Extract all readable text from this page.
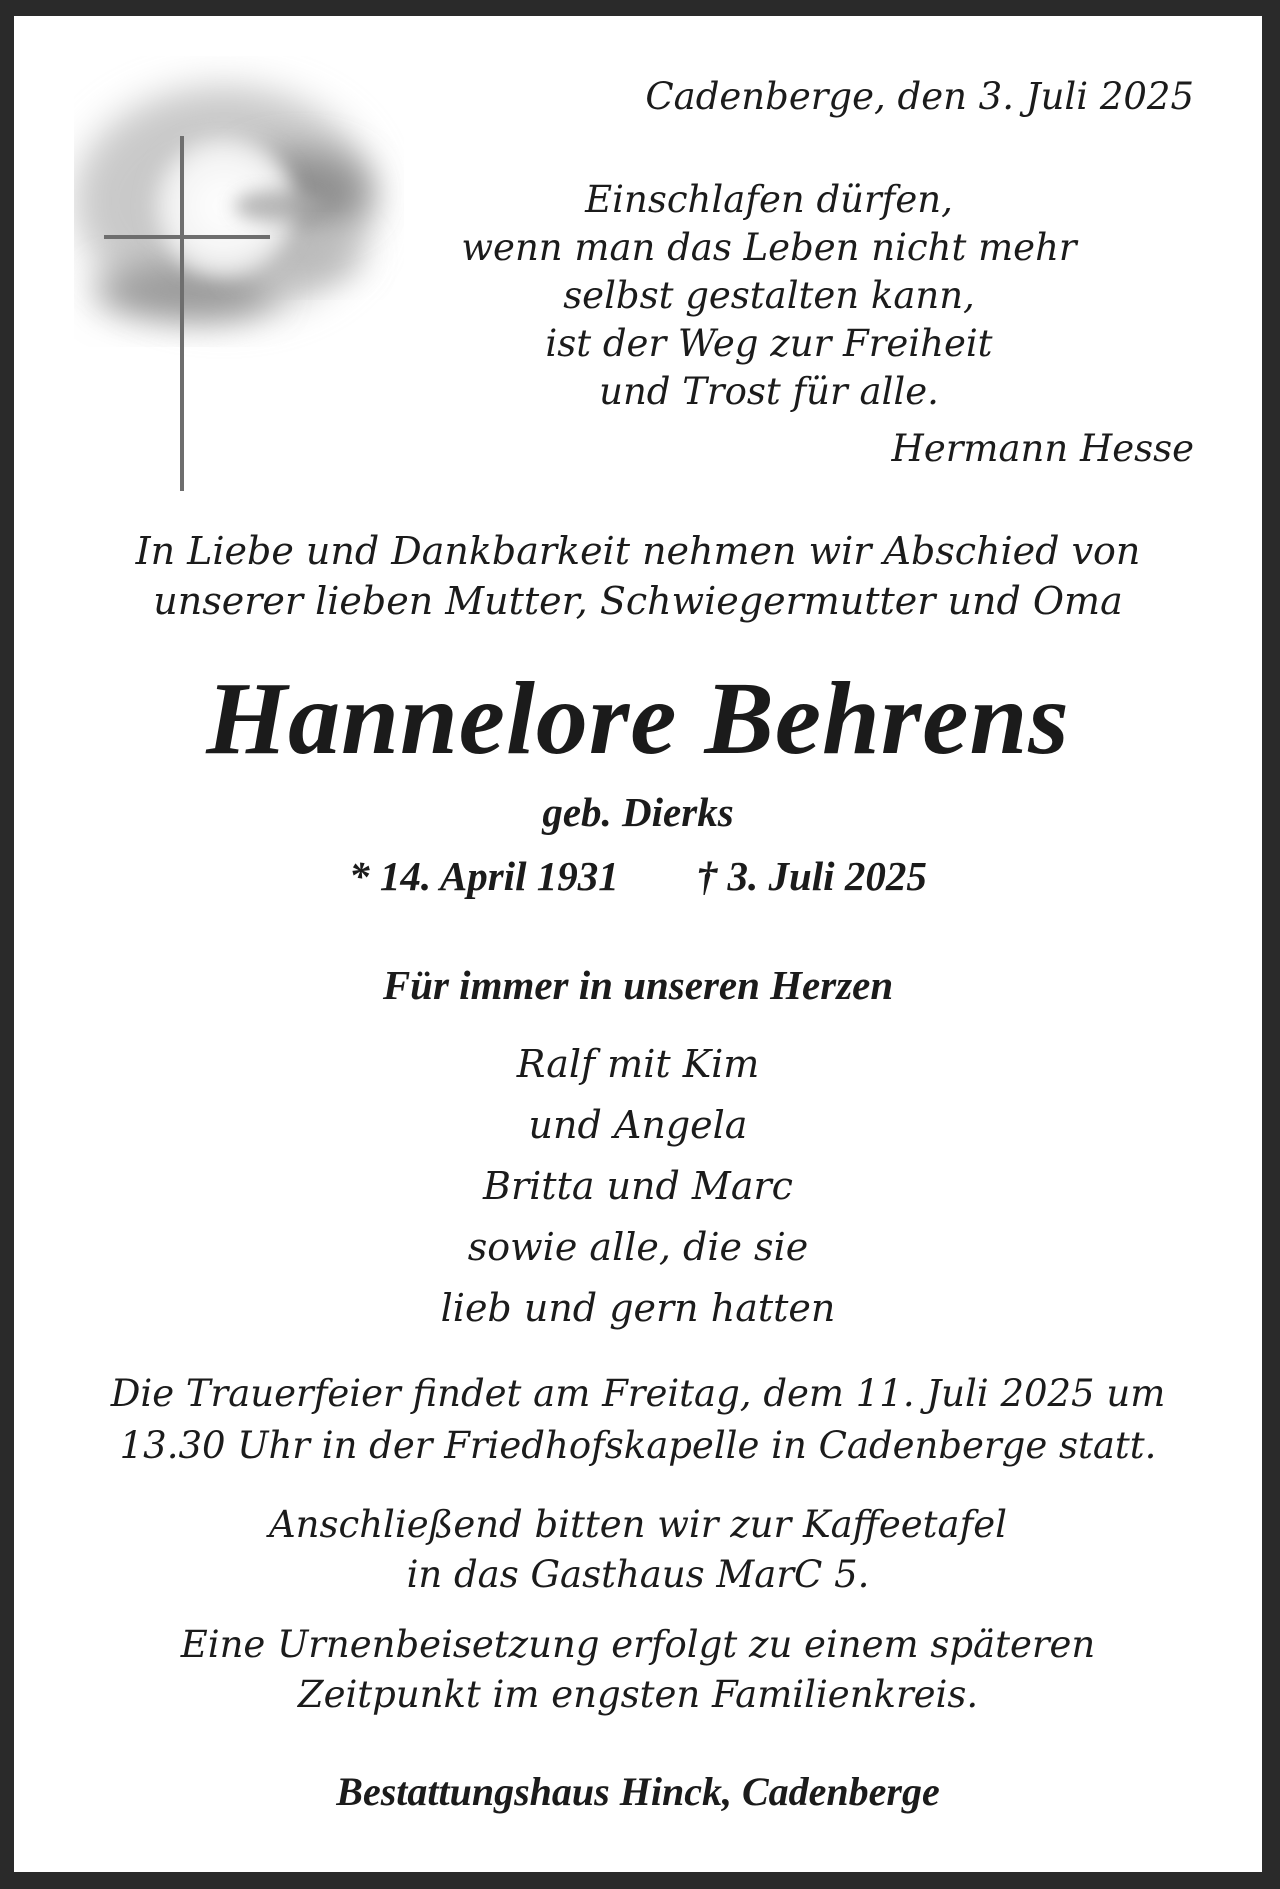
Cadenberge, den 3. Juli 2025

Einschlafen dürfen,
wenn man das Leben nicht mehr
selbst gestalten kann,
ist der Weg zur Freiheit
und Trost für alle.

Hermann Hesse

In Liebe und Dankbarkeit nehmen wir Abschied von
unserer lieben Mutter, Schwiegermutter und Oma
Hannelore Behrens

geb. Dierks

* 14. April 1931 † 3. Juli 2025

Für immer in unseren Herzen

Ralf mit Kim
und Angela
Britta und Marc
sowie alle, die sie
lieb und gern hatten
Die Trauerfeier findet am Freitag, dem 11. Juli 2025 um
13.30 Uhr in der Friedhofskapelle in Cadenberge statt.
Anschließend bitten wir zur Kaffeetafel
in das Gasthaus MarC 5.
Eine Urnenbeisetzung erfolgt zu einem späteren
Zeitpunkt im engsten Familienkreis.

Bestattungshaus Hinck, Cadenberge
